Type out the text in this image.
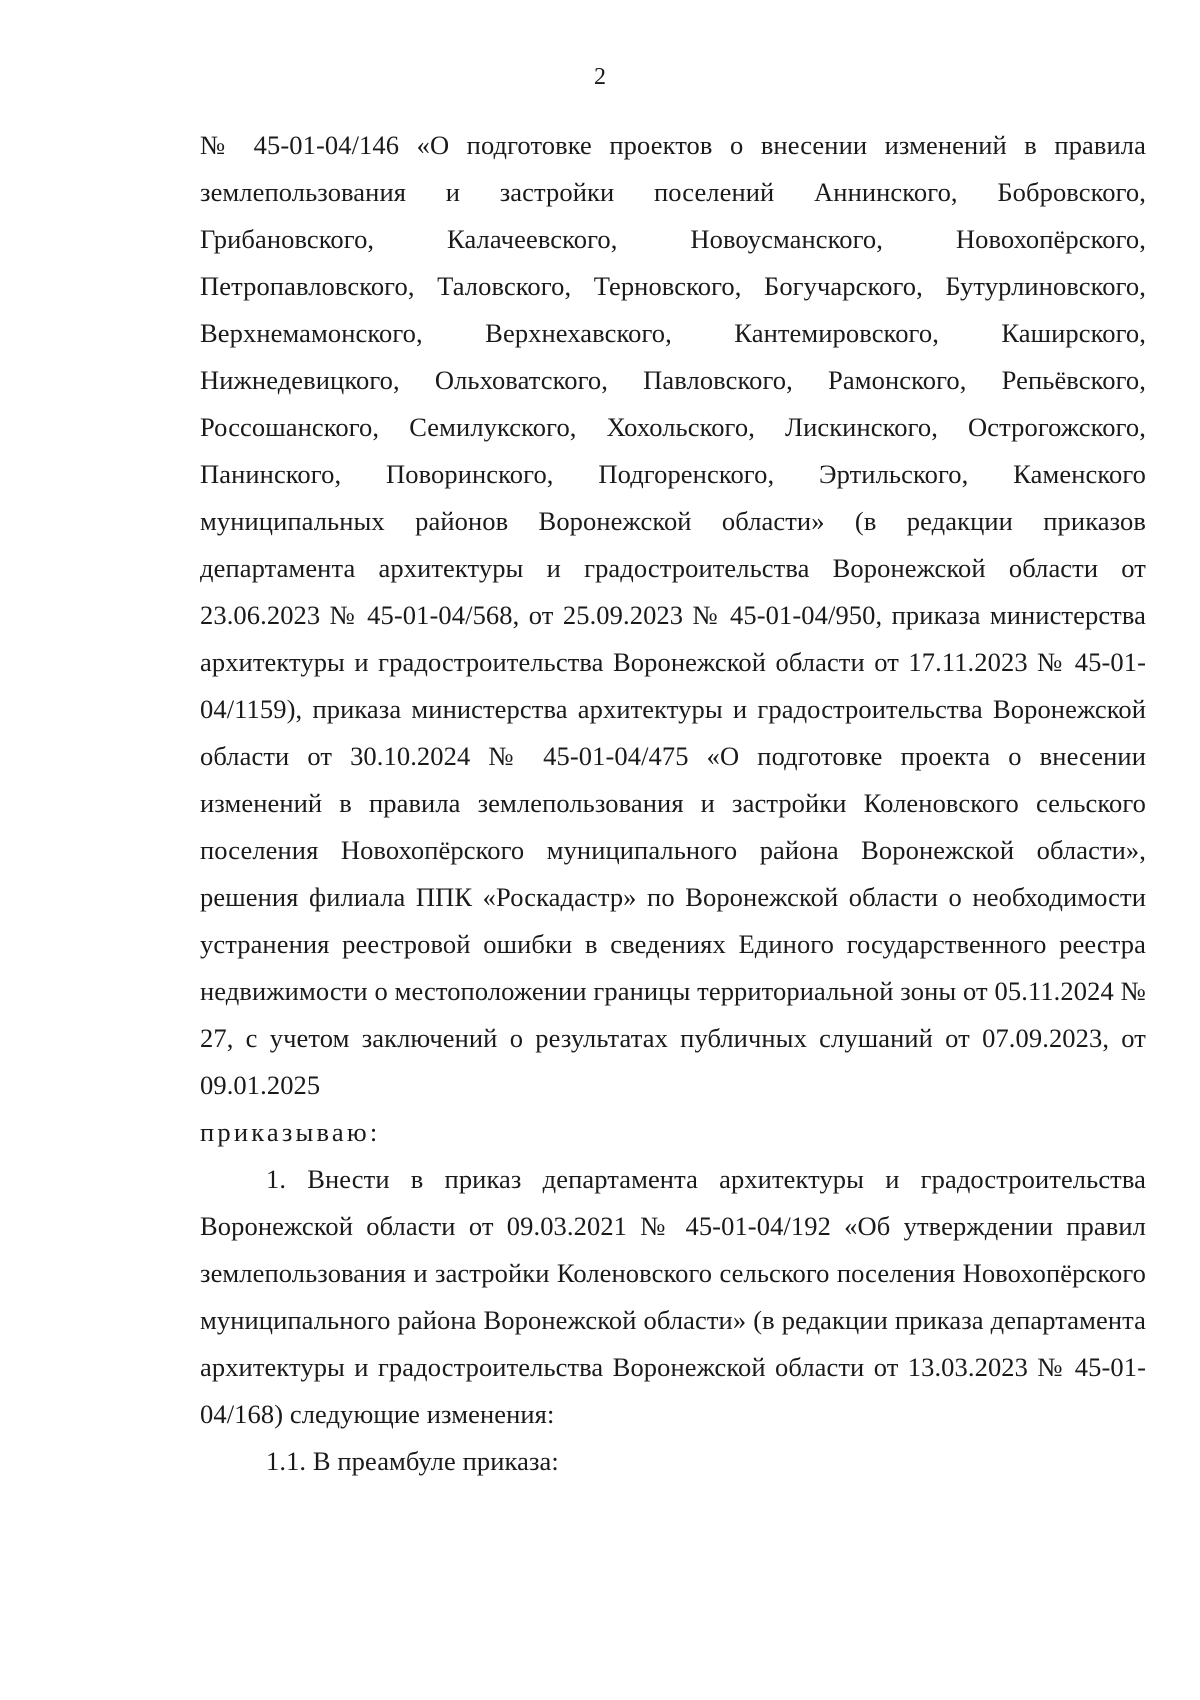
2

№ 45-01-04/146 «О подготовке проектов о внесении изменений в правила землепользования и застройки поселений Аннинского, Бобровского, Грибановского, Калачеевского, Новоусманского, Новохопёрского, Петропавловского, Таловского, Терновского, Богучарского, Бутурлиновского, Верхнемамонского, Верхнехавского, Кантемировского, Каширского, Нижнедевицкого, Ольховатского, Павловского, Рамонского, Репьёвского, Россошанского, Семилукского, Хохольского, Лискинского, Острогожского, Панинского, Поворинского, Подгоренского, Эртильского, Каменского муниципальных районов Воронежской области» (в редакции приказов департамента архитектуры и градостроительства Воронежской области от 23.06.2023 № 45-01-04/568, от 25.09.2023 № 45-01-04/950, приказа министерства архитектуры и градостроительства Воронежской области от 17.11.2023 № 45-01-04/1159), приказа министерства архитектуры и градостроительства Воронежской области от 30.10.2024 № 45-01-04/475 «О подготовке проекта о внесении изменений в правила землепользования и застройки Коленовского сельского поселения Новохопёрского муниципального района Воронежской области», решения филиала ППК «Роскадастр» по Воронежской области о необходимости устранения реестровой ошибки в сведениях Единого государственного реестра недвижимости о местоположении границы территориальной зоны от 05.11.2024 № 27, с учетом заключений о результатах публичных слушаний от 07.09.2023, от 09.01.2025

приказываю:

1. Внести в приказ департамента архитектуры и градостроительства Воронежской области от 09.03.2021 № 45-01-04/192 «Об утверждении правил землепользования и застройки Коленовского сельского поселения Новохопёрского муниципального района Воронежской области» (в редакции приказа департамента архитектуры и градостроительства Воронежской области от 13.03.2023 № 45-01-04/168) следующие изменения:

1.1. В преамбуле приказа:
